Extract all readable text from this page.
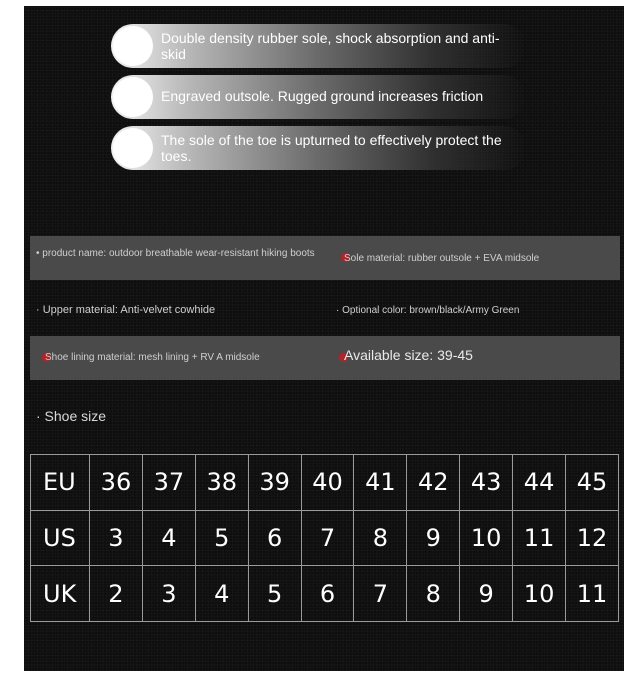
Double density rubber sole, shock absorption and anti-skid
Engraved outsole. Rugged ground increases friction
The sole of the toe is upturned to effectively protect the toes.
• product name: outdoor breathable wear-resistant hiking boots	Sole material: rubber outsole + EVA midsole
· Upper material: Anti-velvet cowhide	· Optional color: brown/black/Army Green
Shoe lining material: mesh lining + RV A midsole	Available size: 39-45
· Shoe size
EU	36	37	38	39	40	41	42	43	44	45
US	3	4	5	6	7	8	9	10	11	12
UK	2	3	4	5	6	7	8	9	10	11
